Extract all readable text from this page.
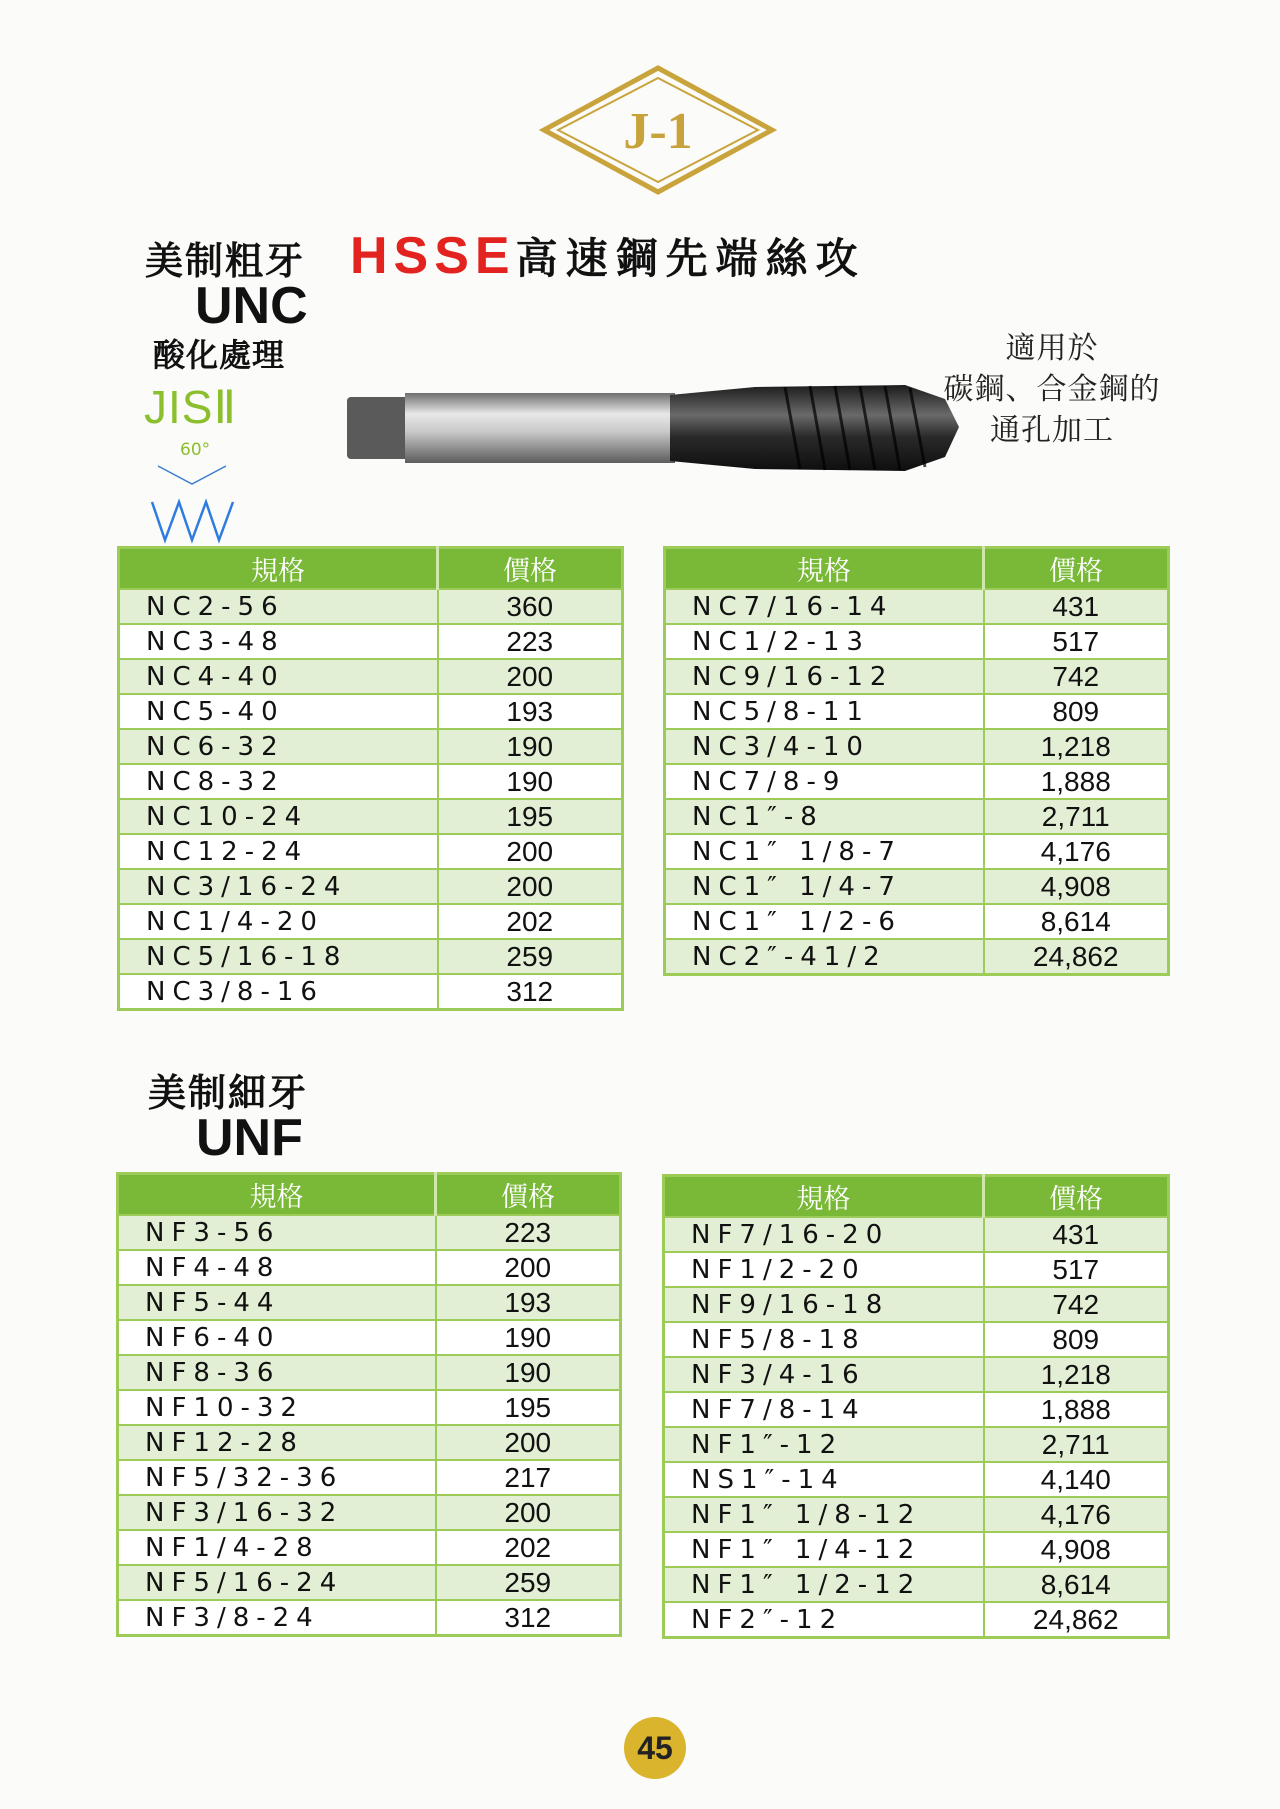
J-1
美制粗牙
UNC
酸化處理
JISⅡ
60°
HSSE高速鋼先端絲攻
適用於
碳鋼、合金鋼的
通孔加工
規格	價格
NC2-56	360
NC3-48	223
NC4-40	200
NC5-40	193
NC6-32	190
NC8-32	190
NC10-24	195
NC12-24	200
NC3/16-24	200
NC1/4-20	202
NC5/16-18	259
NC3/8-16	312
規格	價格
NC7/16-14	431
NC1/2-13	517
NC9/16-12	742
NC5/8-11	809
NC3/4-10	1,218
NC7/8-9	1,888
NC1″-8	2,711
NC1″ 1/8-7	4,176
NC1″ 1/4-7	4,908
NC1″ 1/2-6	8,614
NC2″-41/2	24,862
美制細牙
UNF
規格	價格
NF3-56	223
NF4-48	200
NF5-44	193
NF6-40	190
NF8-36	190
NF10-32	195
NF12-28	200
NF5/32-36	217
NF3/16-32	200
NF1/4-28	202
NF5/16-24	259
NF3/8-24	312
規格	價格
NF7/16-20	431
NF1/2-20	517
NF9/16-18	742
NF5/8-18	809
NF3/4-16	1,218
NF7/8-14	1,888
NF1″-12	2,711
NS1″-14	4,140
NF1″ 1/8-12	4,176
NF1″ 1/4-12	4,908
NF1″ 1/2-12	8,614
NF2″-12	24,862
45
